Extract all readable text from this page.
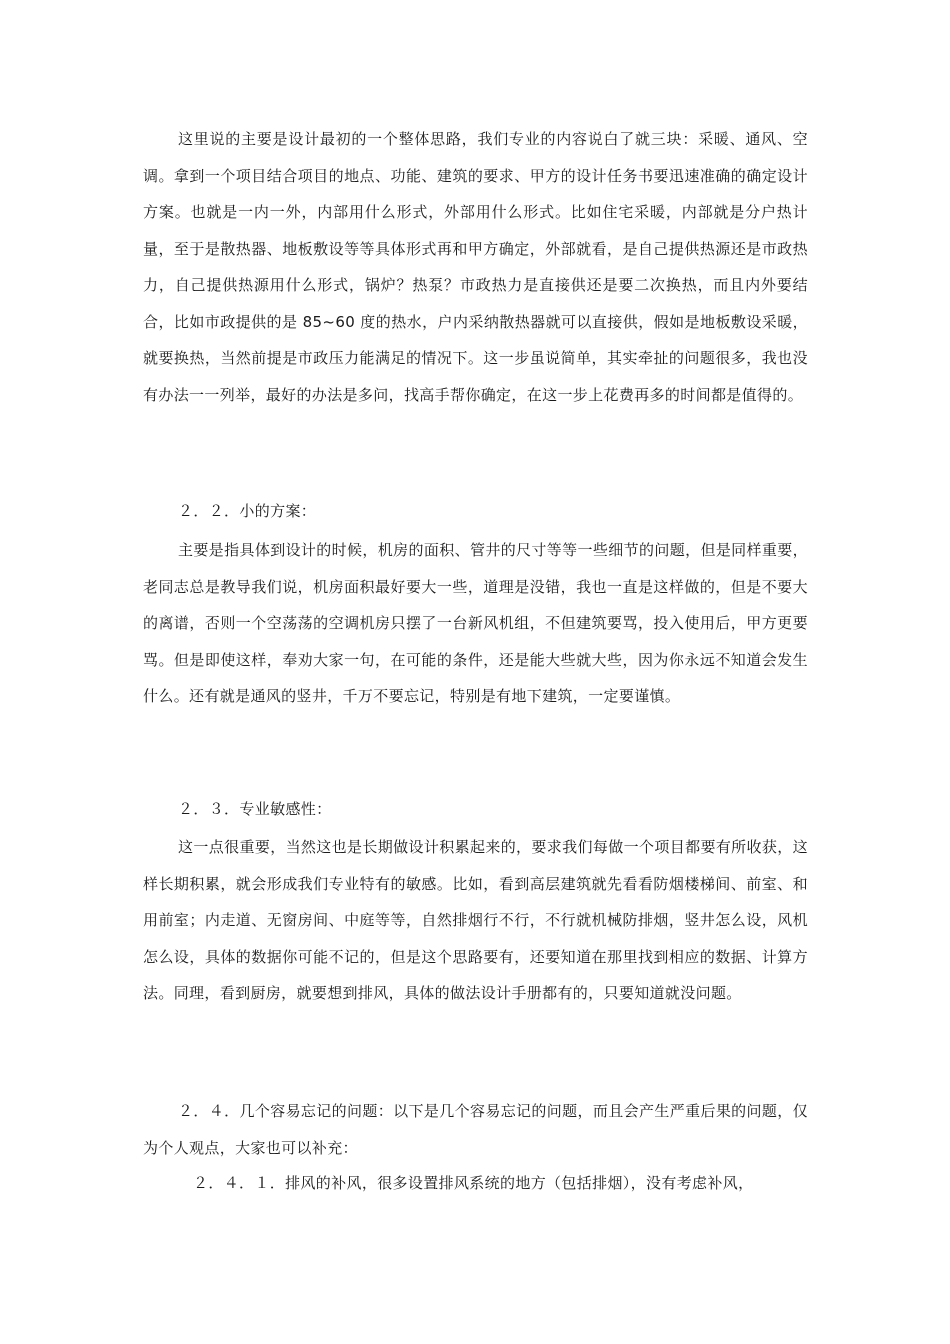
这里说的主要是设计最初的一个整体思路，我们专业的内容说白了就三块：采暖、通风、空调。拿到一个项目结合项目的地点、功能、建筑的要求、甲方的设计任务书要迅速准确的确定设计方案。也就是一内一外，内部用什么形式，外部用什么形式。比如住宅采暖，内部就是分户热计量，至于是散热器、地板敷设等等具体形式再和甲方确定，外部就看，是自己提供热源还是市政热力，自己提供热源用什么形式，锅炉？热泵？市政热力是直接供还是要二次换热，而且内外要结合，比如市政提供的是 85~60 度的热水，户内采纳散热器就可以直接供，假如是地板敷设采暖，就要换热，当然前提是市政压力能满足的情况下。这一步虽说简单，其实牵扯的问题很多，我也没有办法一一列举，最好的办法是多问，找高手帮你确定，在这一步上花费再多的时间都是值得的。

２．２．小的方案：

主要是指具体到设计的时候，机房的面积、管井的尺寸等等一些细节的问题，但是同样重要，老同志总是教导我们说，机房面积最好要大一些，道理是没错，我也一直是这样做的，但是不要大的离谱，否则一个空荡荡的空调机房只摆了一台新风机组，不但建筑要骂，投入使用后，甲方更要骂。但是即使这样，奉劝大家一句，在可能的条件，还是能大些就大些，因为你永远不知道会发生什么。还有就是通风的竖井，千万不要忘记，特别是有地下建筑，一定要谨慎。

２．３．专业敏感性：

这一点很重要，当然这也是长期做设计积累起来的，要求我们每做一个项目都要有所收获，这样长期积累，就会形成我们专业特有的敏感。比如，看到高层建筑就先看看防烟楼梯间、前室、和用前室；内走道、无窗房间、中庭等等，自然排烟行不行，不行就机械防排烟，竖井怎么设，风机怎么设，具体的数据你可能不记的，但是这个思路要有，还要知道在那里找到相应的数据、计算方法。同理，看到厨房，就要想到排风，具体的做法设计手册都有的，只要知道就没问题。

２．４．几个容易忘记的问题：以下是几个容易忘记的问题，而且会产生严重后果的问题，仅为个人观点，大家也可以补充：

２．４．１．排风的补风，很多设置排风系统的地方（包括排烟），没有考虑补风，
